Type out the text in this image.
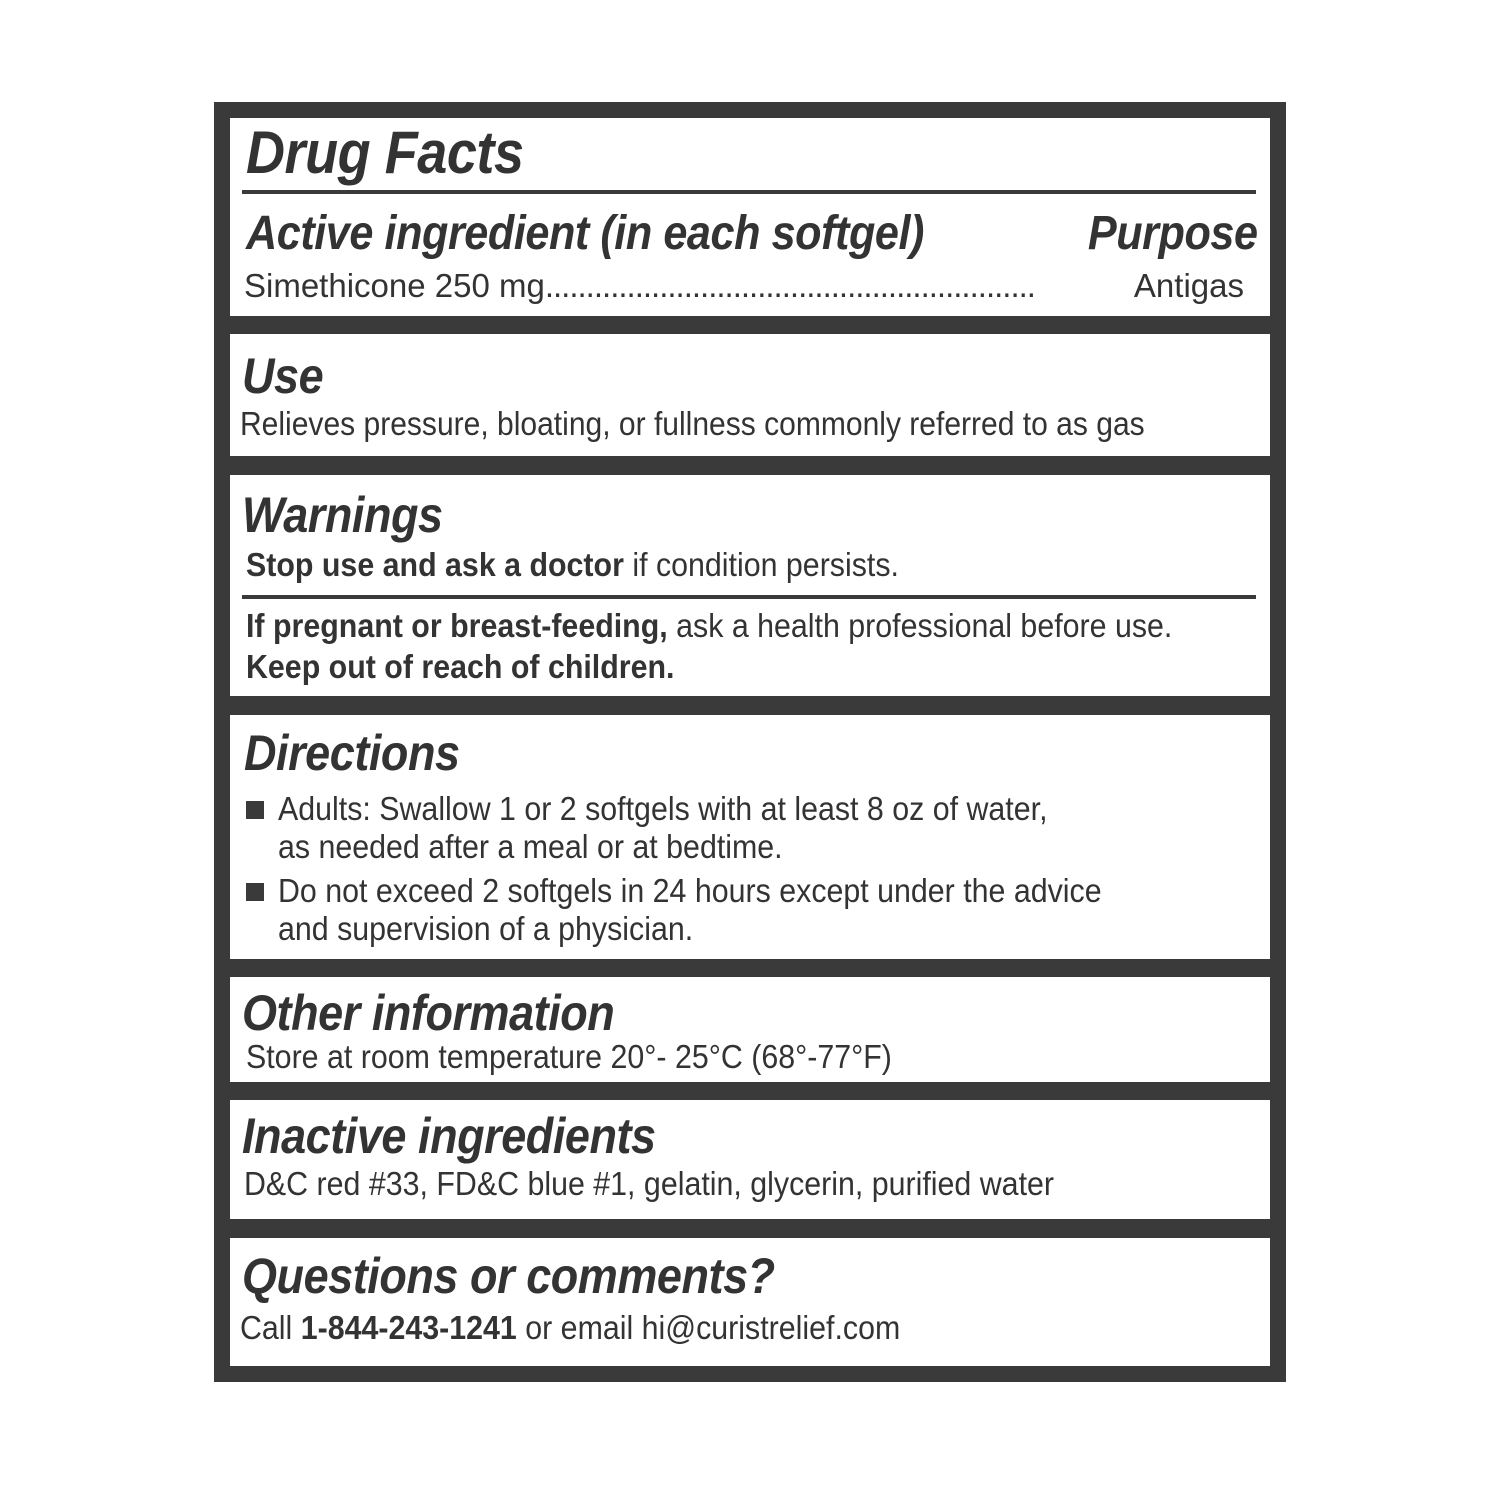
Drug Facts
Active ingredient (in each softgel)	Purpose
Simethicone 250 mg ............................................................	Antigas
Use
Relieves pressure, bloating, or fullness commonly referred to as gas
Warnings
Stop use and ask a doctor if condition persists.
If pregnant or breast-feeding, ask a health professional before use.
Keep out of reach of children.
Directions
Adults: Swallow 1 or 2 softgels with at least 8 oz of water,
as needed after a meal or at bedtime.
Do not exceed 2 softgels in 24 hours except under the advice
and supervision of a physician.
Other information
Store at room temperature 20°- 25°C (68°-77°F)
Inactive ingredients
D&C red #33, FD&C blue #1, gelatin, glycerin, purified water
Questions or comments?
Call 1-844-243-1241 or email hi@curistrelief.com
